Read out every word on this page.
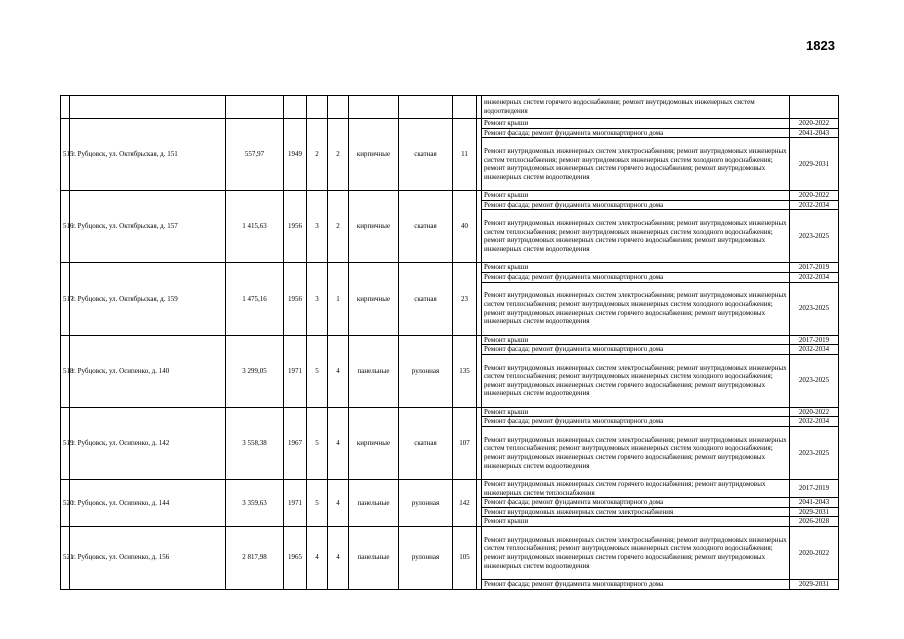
1823
										инженерных систем горячего водоснабжения; ремонт внутридомовых инженерных систем водоотведения	
515	г. Рубцовск, ул. Октябрьская, д. 151	557,97	1949	2	2	кирпичные	скатная	11		Ремонт крыши	2020-2022
										Ремонт фасада; ремонт фундамента многоквартирного дома	2041-2043
										Ремонт внутридомовых инженерных систем электроснабжения; ремонт внутридомовых инженерных систем теплоснабжения; ремонт внутридомовых инженерных систем холодного водоснабжения; ремонт внутридомовых инженерных систем горячего водоснабжения; ремонт внутридомовых инженерных систем водоотведения	2029-2031
516	г. Рубцовск, ул. Октябрьская, д. 157	1 415,63	1956	3	2	кирпичные	скатная	40		Ремонт крыши	2020-2022
										Ремонт фасада; ремонт фундамента многоквартирного дома	2032-2034
										Ремонт внутридомовых инженерных систем электроснабжения; ремонт внутридомовых инженерных систем теплоснабжения; ремонт внутридомовых инженерных систем холодного водоснабжения; ремонт внутридомовых инженерных систем горячего водоснабжения; ремонт внутридомовых инженерных систем водоотведения	2023-2025
517	г. Рубцовск, ул. Октябрьская, д. 159	1 475,16	1956	3	1	кирпичные	скатная	23		Ремонт крыши	2017-2019
										Ремонт фасада; ремонт фундамента многоквартирного дома	2032-2034
										Ремонт внутридомовых инженерных систем электроснабжения; ремонт внутридомовых инженерных систем теплоснабжения; ремонт внутридомовых инженерных систем холодного водоснабжения; ремонт внутридомовых инженерных систем горячего водоснабжения; ремонт внутридомовых инженерных систем водоотведения	2023-2025
518	г. Рубцовск, ул. Осипенко, д. 140	3 299,05	1971	5	4	панельные	рулонная	135		Ремонт крыши	2017-2019
										Ремонт фасада; ремонт фундамента многоквартирного дома	2032-2034
										Ремонт внутридомовых инженерных систем электроснабжения; ремонт внутридомовых инженерных систем теплоснабжения; ремонт внутридомовых инженерных систем холодного водоснабжения; ремонт внутридомовых инженерных систем горячего водоснабжения; ремонт внутридомовых инженерных систем водоотведения	2023-2025
519	г. Рубцовск, ул. Осипенко, д. 142	3 558,38	1967	5	4	кирпичные	скатная	107		Ремонт крыши	2020-2022
										Ремонт фасада; ремонт фундамента многоквартирного дома	2032-2034
										Ремонт внутридомовых инженерных систем электроснабжения; ремонт внутридомовых инженерных систем теплоснабжения; ремонт внутридомовых инженерных систем холодного водоснабжения; ремонт внутридомовых инженерных систем горячего водоснабжения; ремонт внутридомовых инженерных систем водоотведения	2023-2025
520	г. Рубцовск, ул. Осипенко, д. 144	3 359,63	1971	5	4	панельные	рулонная	142		Ремонт внутридомовых инженерных систем горячего водоснабжения; ремонт внутридомовых инженерных систем теплоснабжения	2017-2019
										Ремонт фасада; ремонт фундамента многоквартирного дома	2041-2043
										Ремонт внутридомовых инженерных систем электроснабжения	2029-2031
										Ремонт крыши	2026-2028
521	г. Рубцовск, ул. Осипенко, д. 156	2 817,98	1965	4	4	панельные	рулонная	105		Ремонт внутридомовых инженерных систем электроснабжения; ремонт внутридомовых инженерных систем теплоснабжения; ремонт внутридомовых инженерных систем холодного водоснабжения; ремонт внутридомовых инженерных систем горячего водоснабжения; ремонт внутридомовых инженерных систем водоотведения	2020-2022
										Ремонт фасада; ремонт фундамента многоквартирного дома	2029-2031
